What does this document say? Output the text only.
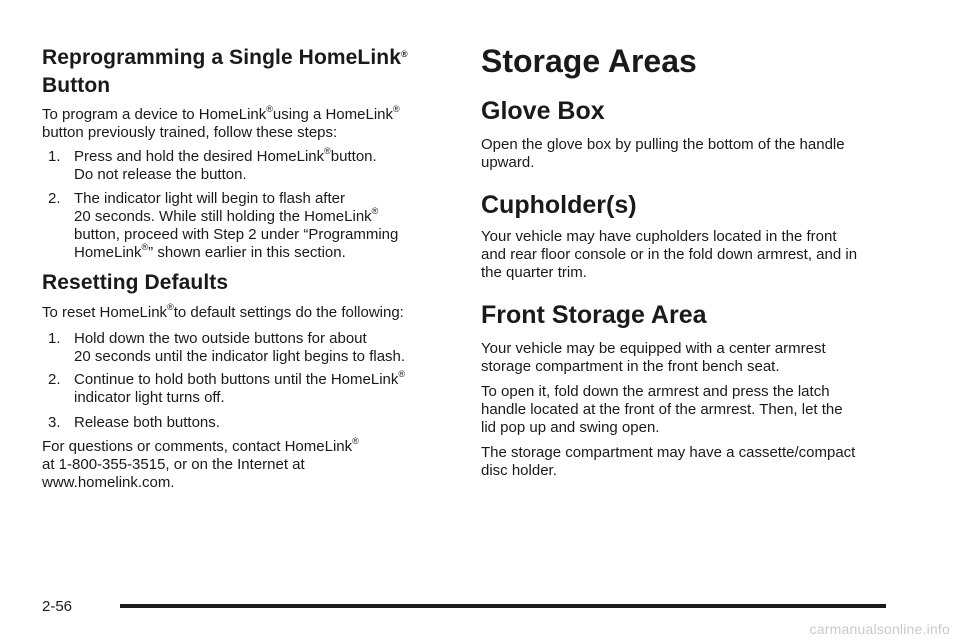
Reprogramming a Single HomeLink®
Button

To program a device to HomeLink®using a HomeLink®
button previously trained, follow these steps:

1. Press and hold the desired HomeLink®button.
Do not release the button.
2. The indicator light will begin to flash after
20 seconds. While still holding the HomeLink®
button, proceed with Step 2 under “Programming
HomeLink®” shown earlier in this section.
Resetting Defaults

To reset HomeLink®to default settings do the following:

1. Hold down the two outside buttons for about
20 seconds until the indicator light begins to flash.
2. Continue to hold both buttons until the HomeLink®
indicator light turns off.
3. Release both buttons.

For questions or comments, contact HomeLink®
at 1-800-355-3515, or on the Internet at
www.homelink.com.

Storage Areas
Glove Box

Open the glove box by pulling the bottom of the handle
upward.

Cupholder(s)

Your vehicle may have cupholders located in the front
and rear floor console or in the fold down armrest, and in
the quarter trim.

Front Storage Area

Your vehicle may be equipped with a center armrest
storage compartment in the front bench seat.

To open it, fold down the armrest and press the latch
handle located at the front of the armrest. Then, let the
lid pop up and swing open.

The storage compartment may have a cassette/compact
disc holder.

2-56
carmanualsonline.info
